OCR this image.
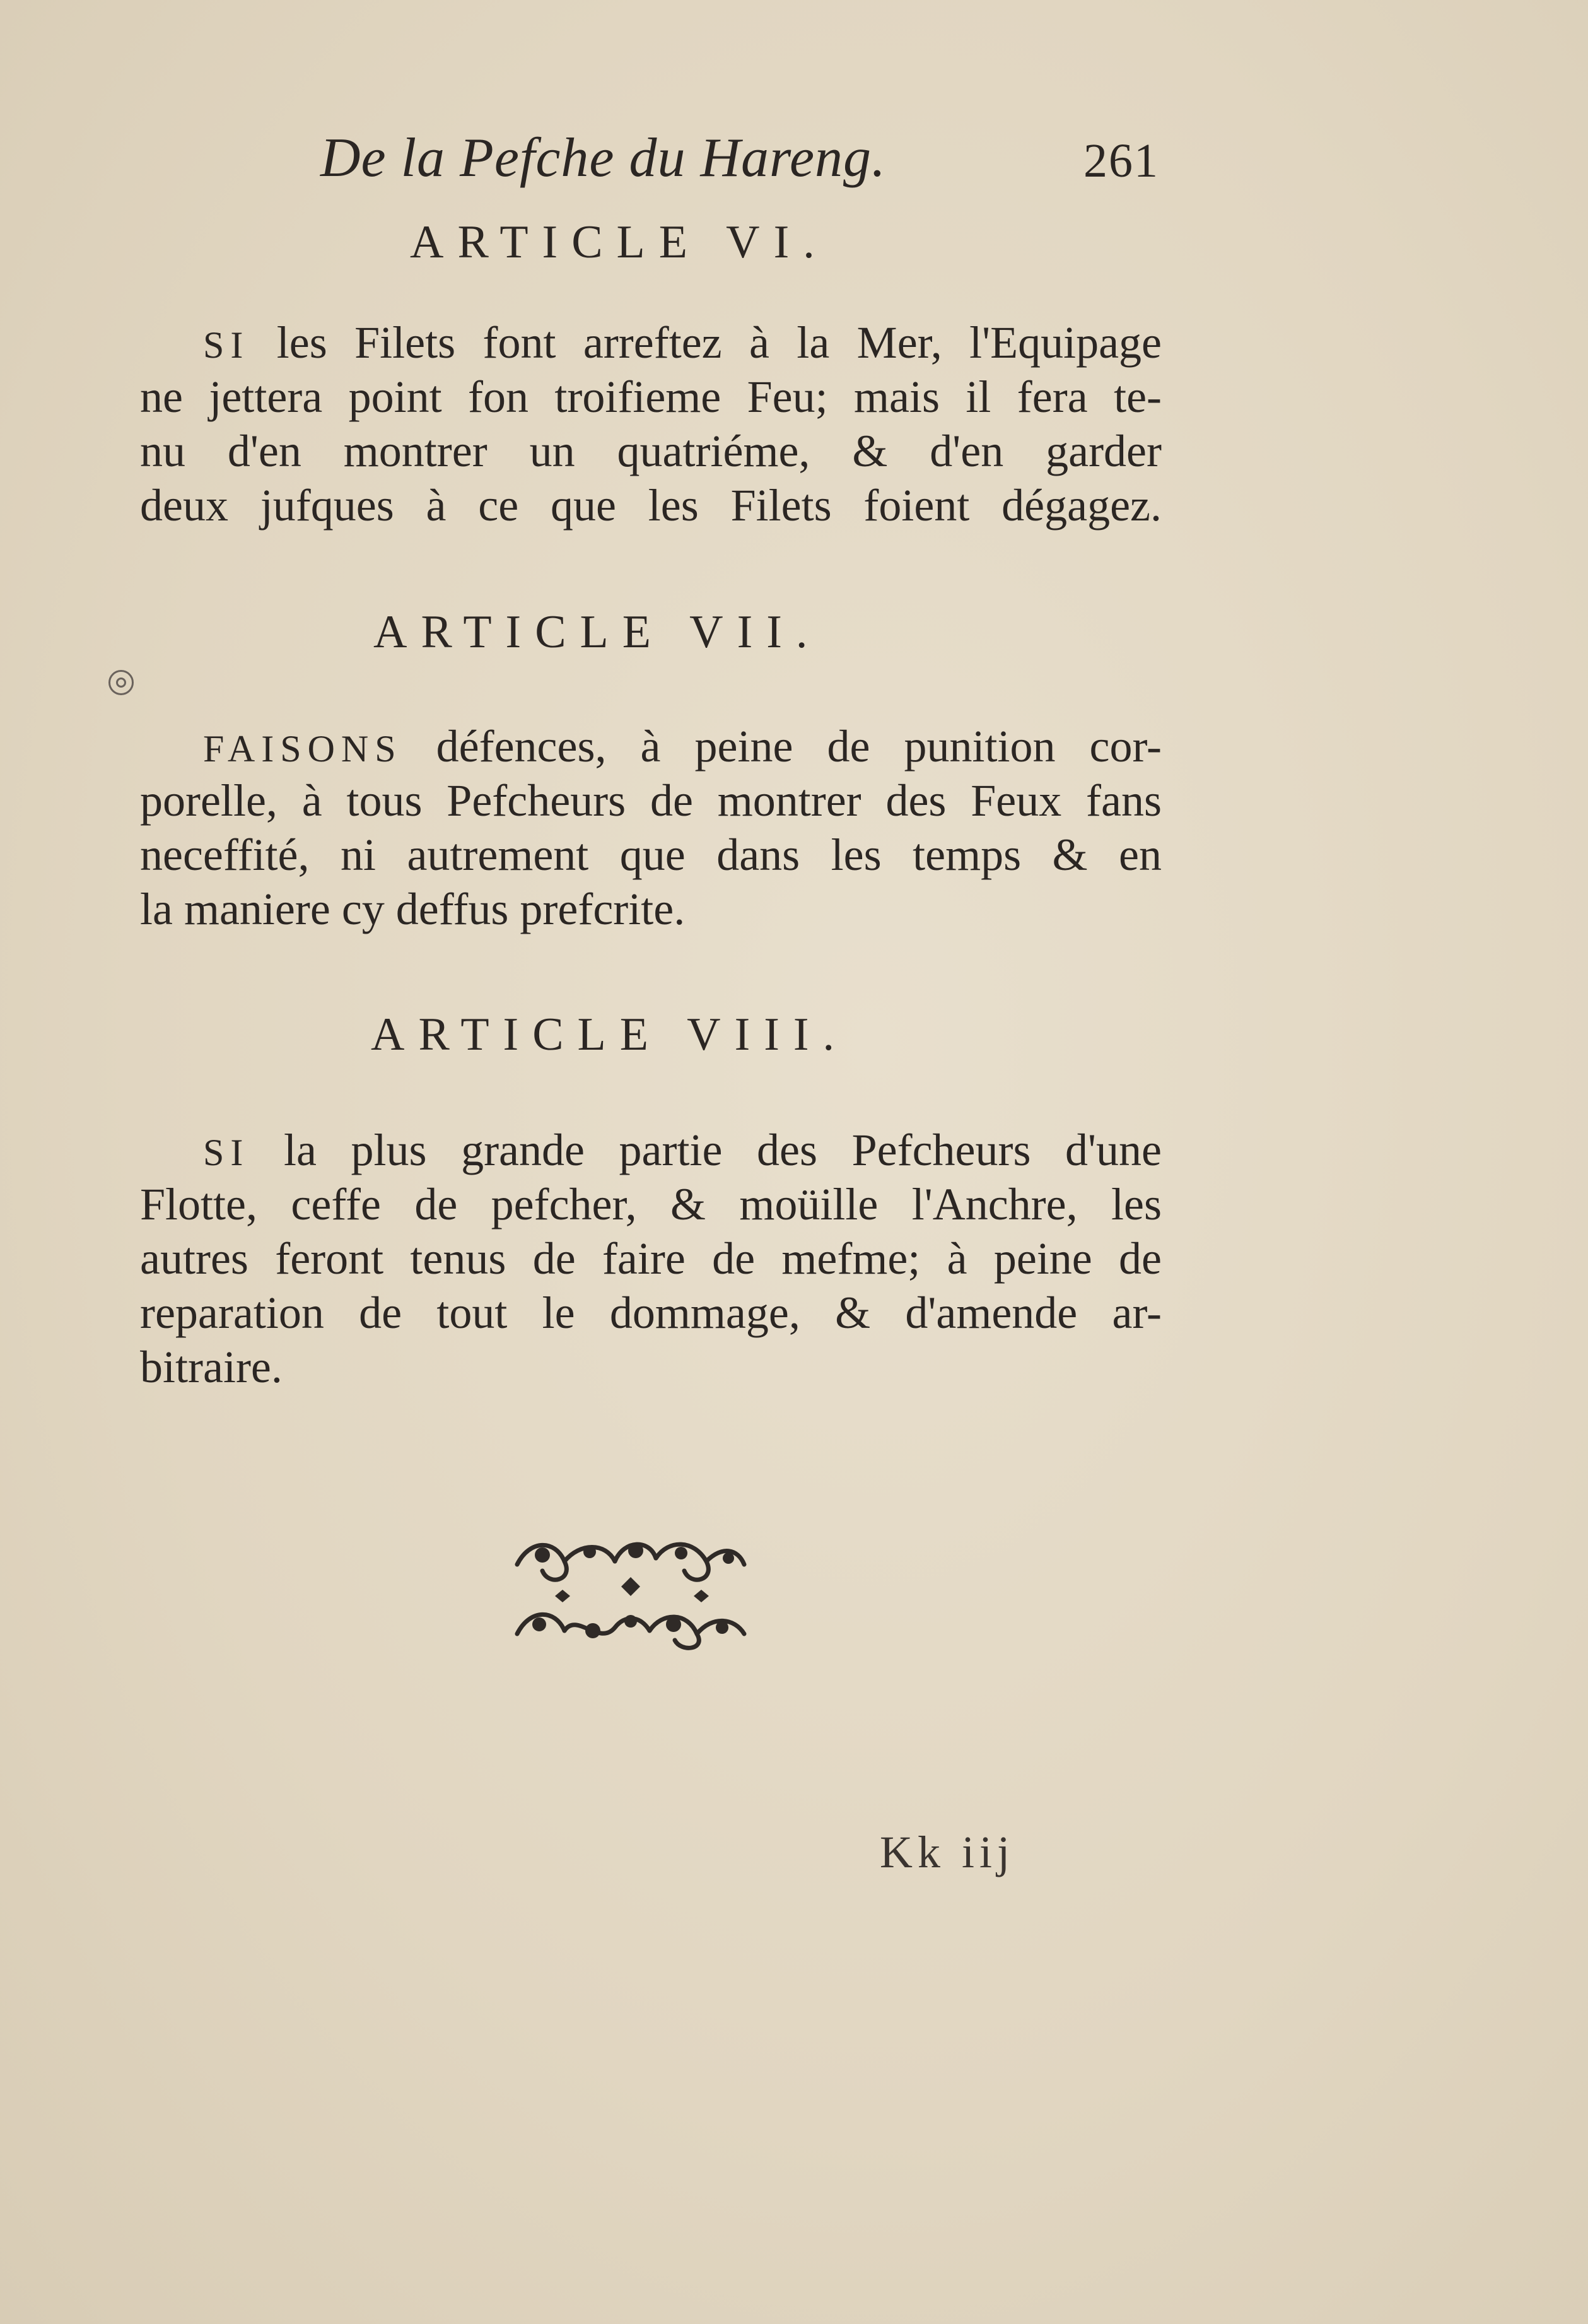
De la Pefche du Hareng.	261
ARTICLE VI.
SI les Filets font arreftez à la Mer, l'Equipage
ne jettera point fon troifieme Feu; mais il fera te-
nu d'en montrer un quatriéme, & d'en garder
deux jufques à ce que les Filets foient dégagez.
ARTICLE VII.
FAISONS défences, à peine de punition cor-
porelle, à tous Pefcheurs de montrer des Feux fans
neceffité, ni autrement que dans les temps & en
la maniere cy deffus prefcrite.
ARTICLE VIII.
SI la plus grande partie des Pefcheurs d'une
Flotte, ceffe de pefcher, & moüille l'Anchre, les
autres feront tenus de faire de mefme; à peine de
reparation de tout le dommage, & d'amende ar-
bitraire.
Kk iij
